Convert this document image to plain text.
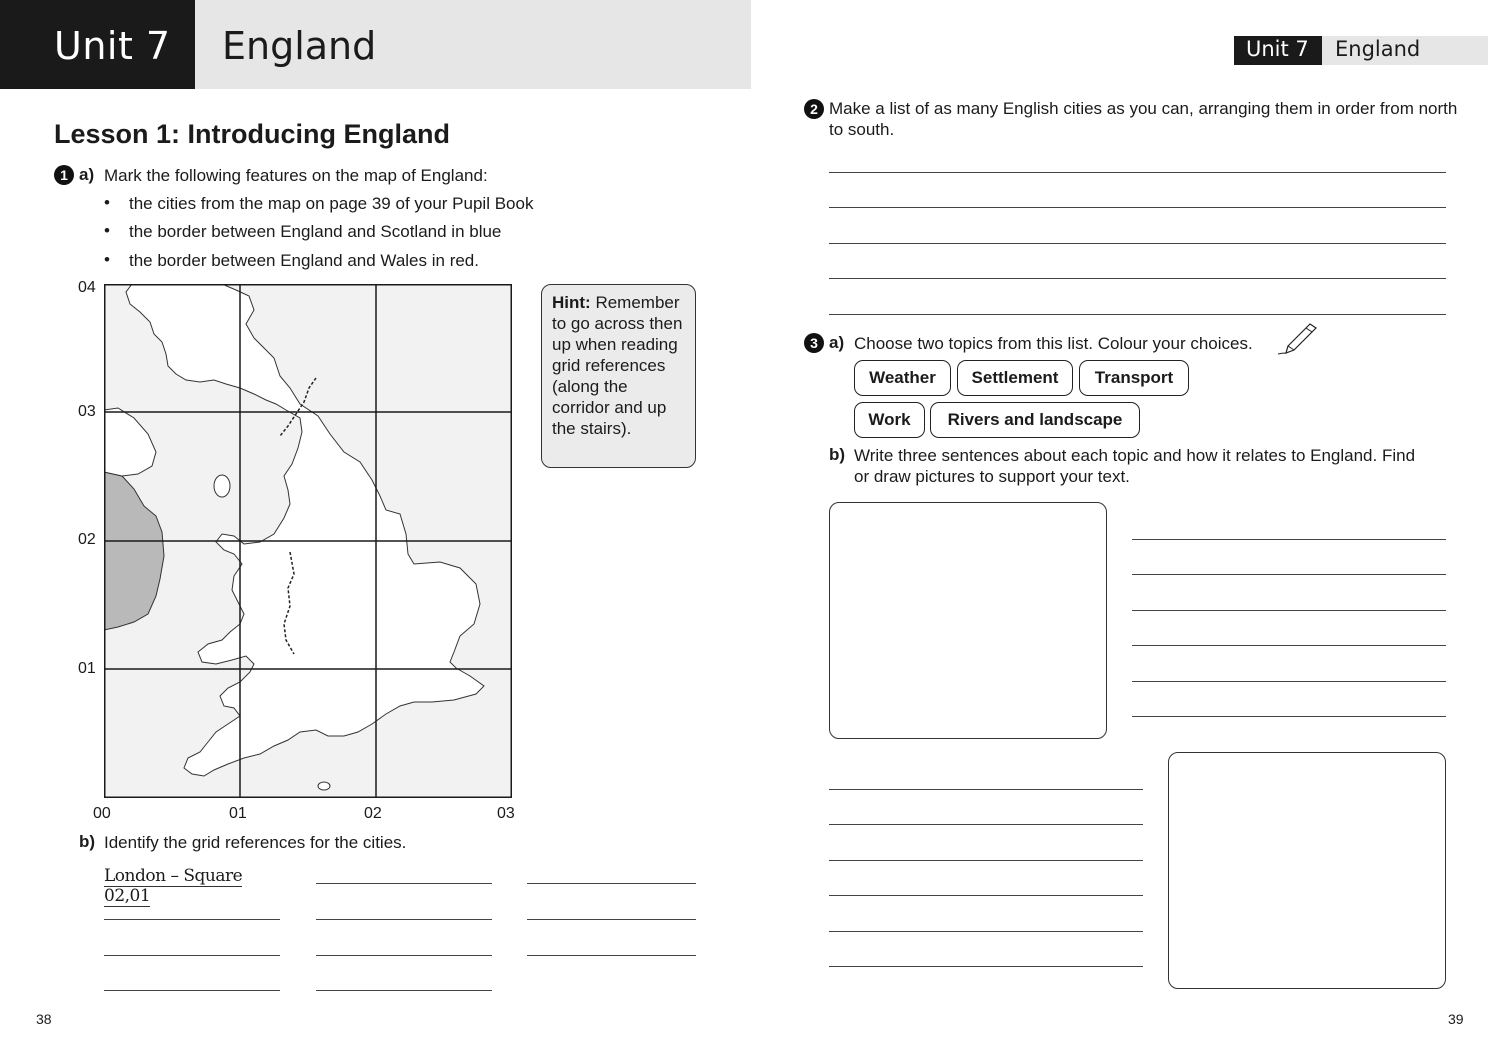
Unit 7 England	Unit 7 England
Lesson 1: Introducing England
1 a) Mark the following features on the map of England:
• the cities from the map on page 39 of your Pupil Book
• the border between England and Scotland in blue
• the border between England and Wales in red.
04
03
02
01
00	01	02	03
Hint: Remember to go across then up when reading grid references (along the corridor and up the stairs).
b) Identify the grid references for the cities.
London – Square 02,01
38
2 Make a list of as many English cities as you can, arranging them in order from north to south.
3 a) Choose two topics from this list. Colour your choices.
Weather	Settlement	Transport
Work	Rivers and landscape
b) Write three sentences about each topic and how it relates to England. Find or draw pictures to support your text.
39
